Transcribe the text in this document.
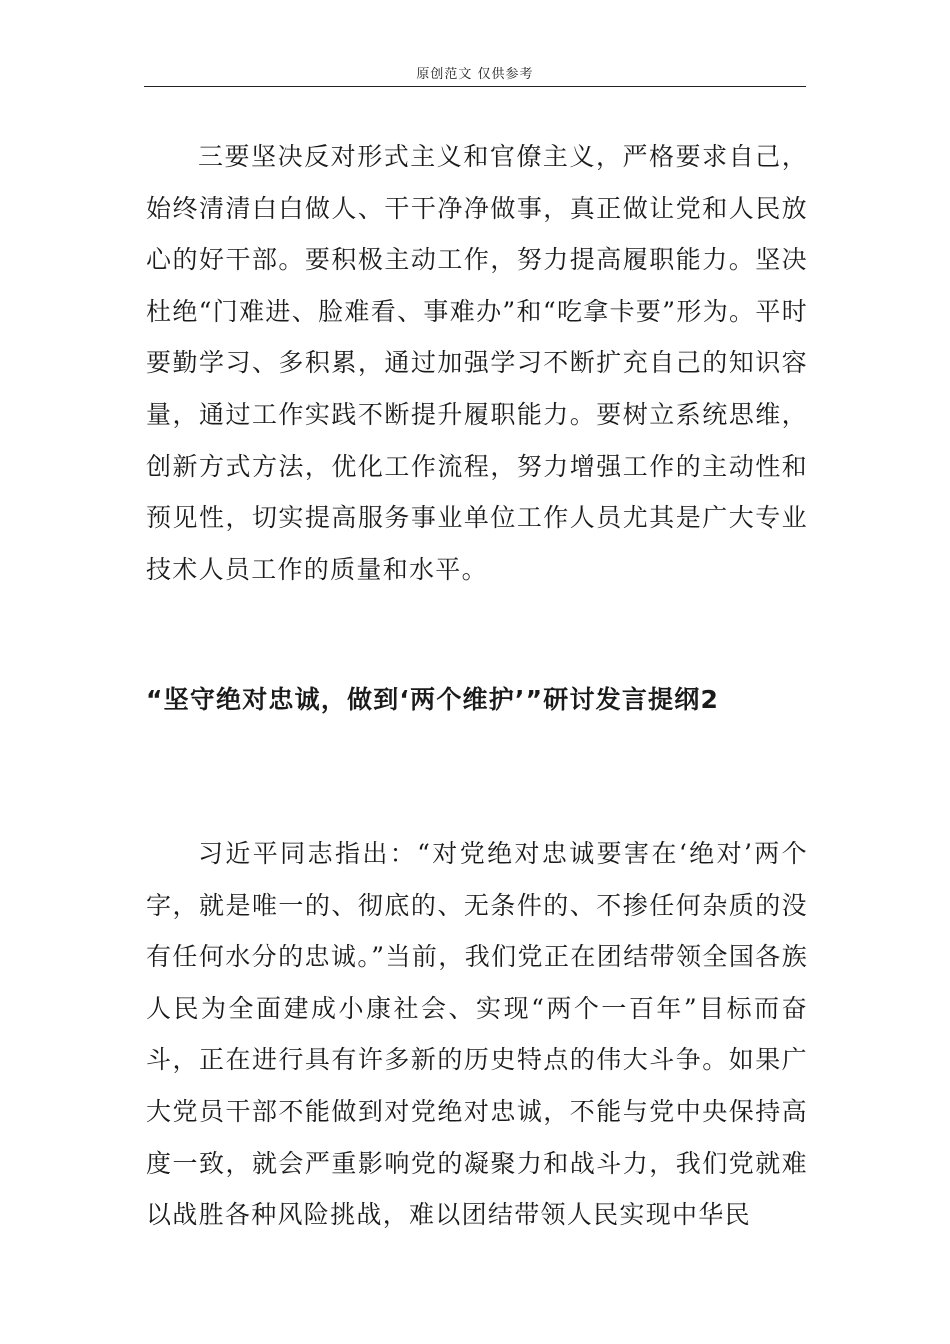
原创范文 仅供参考

三要坚决反对形式主义和官僚主义，严格要求自己，始终清清白白做人、干干净净做事，真正做让党和人民放心的好干部。要积极主动工作，努力提高履职能力。坚决杜绝“门难进、脸难看、事难办”和“吃拿卡要”形为。平时要勤学习、多积累，通过加强学习不断扩充自己的知识容量，通过工作实践不断提升履职能力。要树立系统思维，创新方式方法，优化工作流程，努力增强工作的主动性和预见性，切实提高服务事业单位工作人员尤其是广大专业技术人员工作的质量和水平。

“坚守绝对忠诚，做到‘两个维护’”研讨发言提纲2

习近平同志指出：“对党绝对忠诚要害在‘绝对’两个字，就是唯一的、彻底的、无条件的、不掺任何杂质的没有任何水分的忠诚。”当前，我们党正在团结带领全国各族人民为全面建成小康社会、实现“两个一百年”目标而奋斗，正在进行具有许多新的历史特点的伟大斗争。如果广大党员干部不能做到对党绝对忠诚，不能与党中央保持高度一致，就会严重影响党的凝聚力和战斗力，我们党就难以战胜各种风险挑战，难以团结带领人民实现中华民
